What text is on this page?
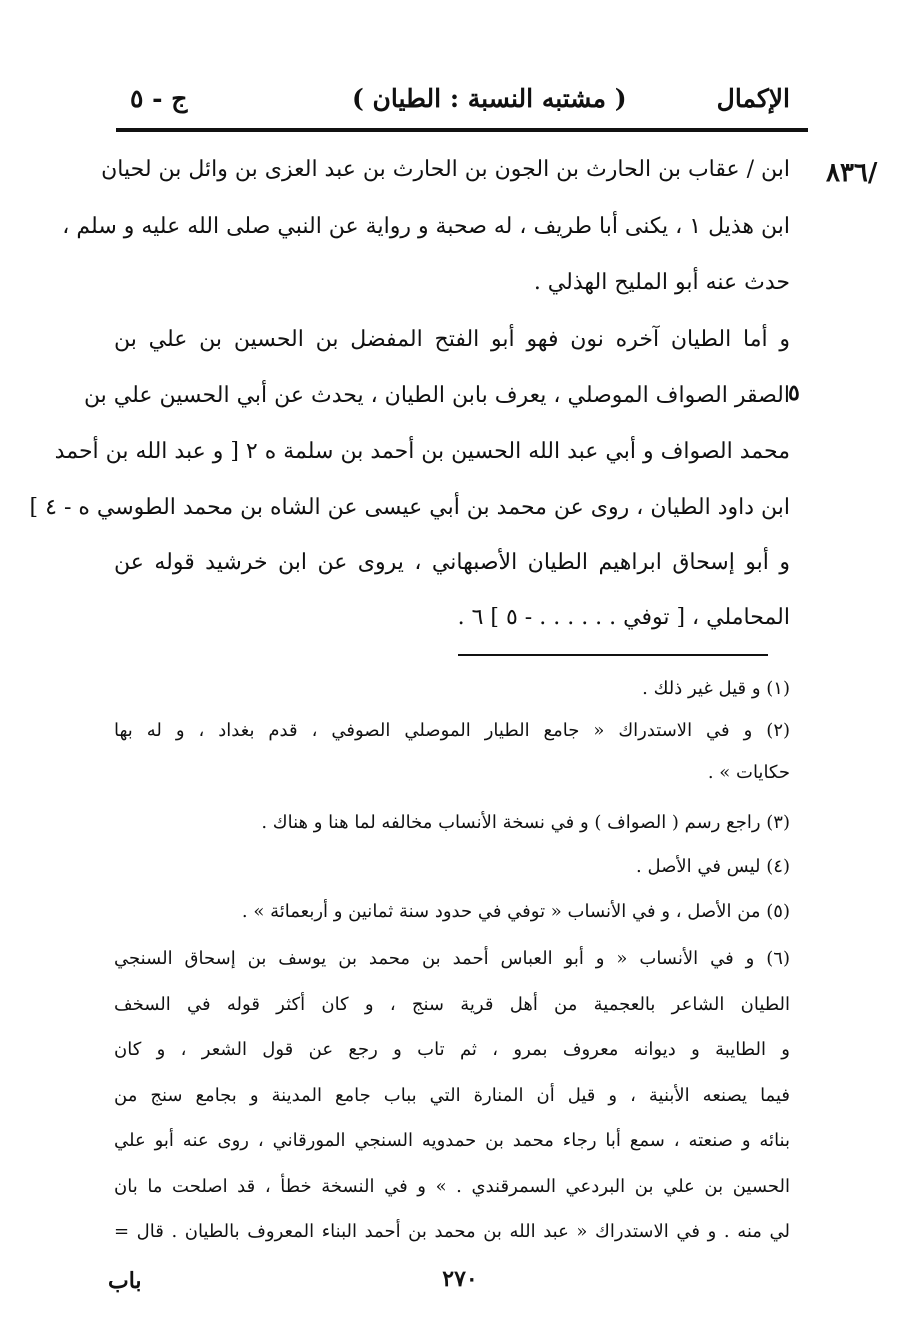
الإكمال
( مشتبه النسبة : الطيان )
ج - ٥
/٨٣٦
٥
ابن / عقاب بن الحارث بن الجون بن الحارث بن عبد العزى بن وائل بن لحيان
ابن هذيل ١ ، يكنى أبا طريف ، له صحبة و رواية عن النبي صلى الله عليه و سلم ،
حدث عنه أبو المليح الهذلي .
و أما الطيان آخره نون فهو أبو الفتح المفضل بن الحسين بن علي بن
الصقر الصواف الموصلي ، يعرف بابن الطيان ، يحدث عن أبي الحسين علي بن
محمد الصواف و أبي عبد الله الحسين بن أحمد بن سلمة ه ٢ [ و عبد الله بن أحمد
ابن داود الطيان ، روى عن محمد بن أبي عيسى عن الشاه بن محمد الطوسي ه - ٤ ]
و أبو إسحاق ابراهيم الطيان الأصبهاني ، يروى عن ابن خرشيد قوله عن
المحاملي ، [ توفي . . . . . . - ٥ ] ٦ .
(١) و قيل غير ذلك .
(٢) و في الاستدراك « جامع الطيار الموصلي الصوفي ، قدم بغداد ، و له بها
حكايات » .
(٣) راجع رسم ( الصواف ) و في نسخة الأنساب مخالفه لما هنا و هناك .
(٤) ليس في الأصل .
(٥) من الأصل ، و في الأنساب « توفي في حدود سنة ثمانين و أربعمائة » .
(٦) و في الأنساب « و أبو العباس أحمد بن محمد بن يوسف بن إسحاق السنجي
الطيان الشاعر بالعجمية من أهل قرية سنج ، و كان أكثر قوله في السخف
و الطايبة و ديوانه معروف بمرو ، ثم تاب و رجع عن قول الشعر ، و كان
فيما يصنعه الأبنية ، و قيل أن المنارة التي بباب جامع المدينة و بجامع سنج من
بنائه و صنعته ، سمع أبا رجاء محمد بن حمدويه السنجي المورقاني ، روى عنه أبو علي
الحسين بن علي بن البردعي السمرقندي . » و في النسخة خطأ ، قد اصلحت ما بان
لي منه . و في الاستدراك « عبد الله بن محمد بن أحمد البناء المعروف بالطيان . قال =
٢٧٠
باب
